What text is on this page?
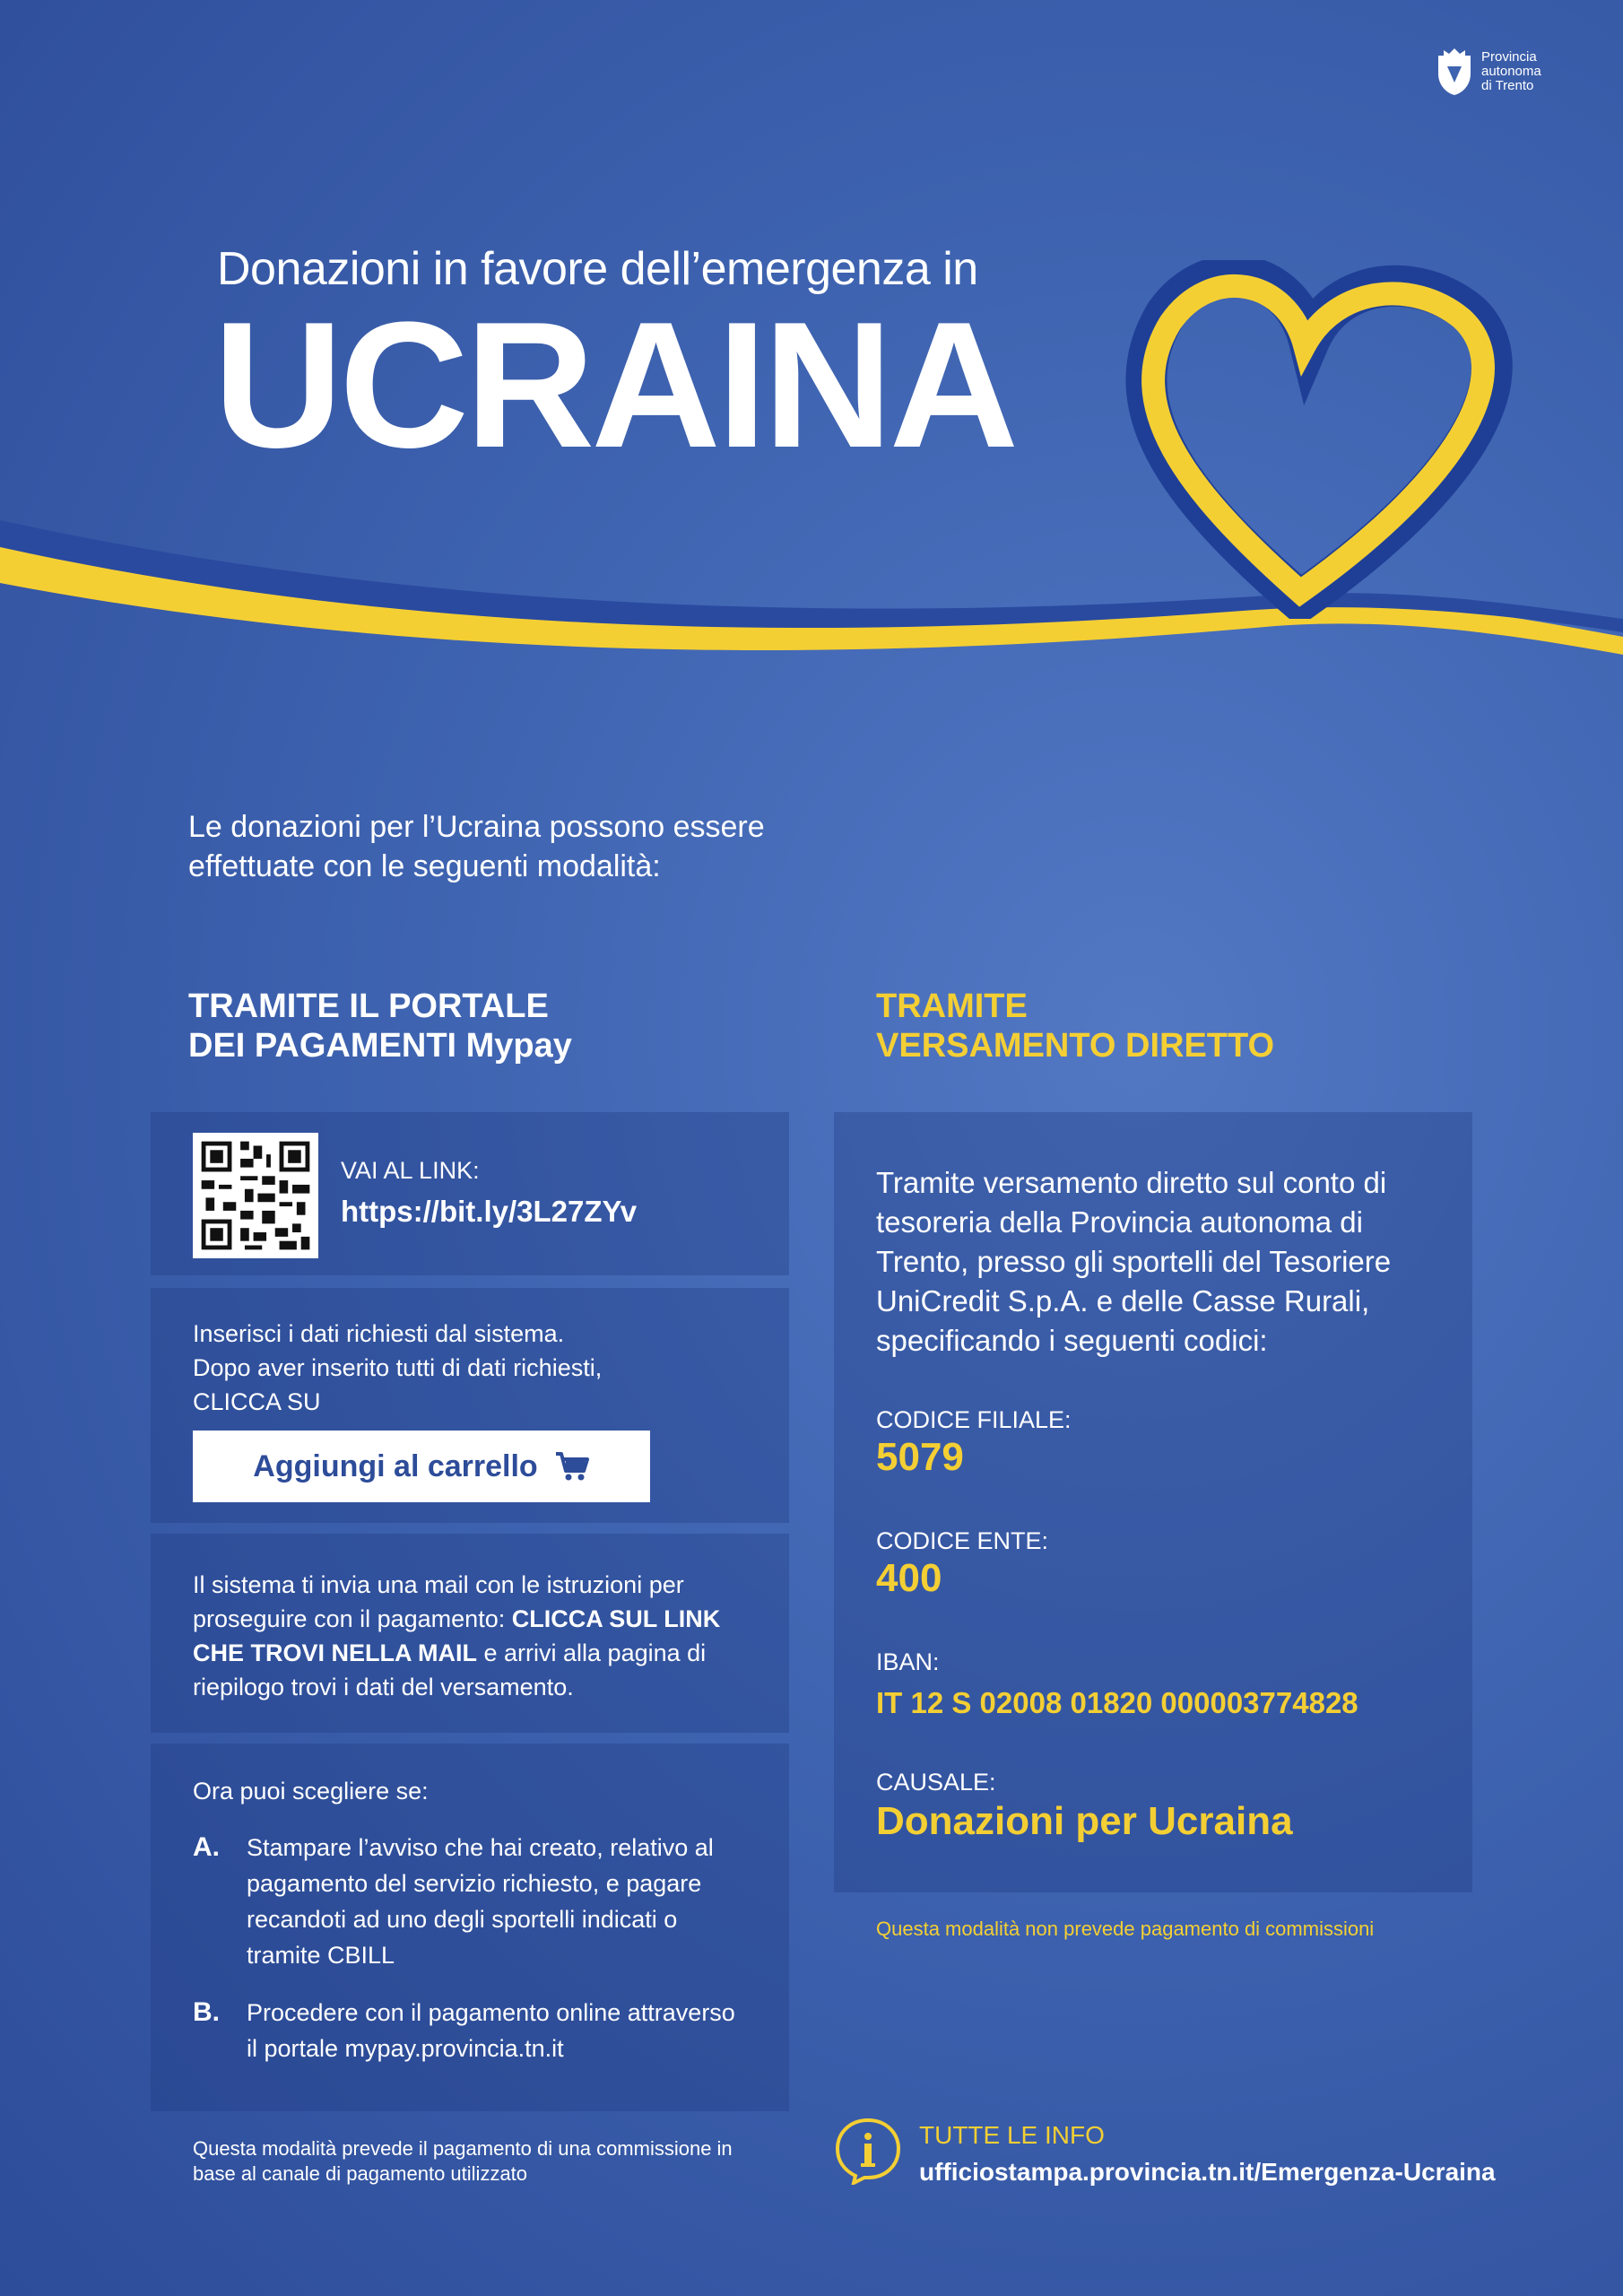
Provincia
autonoma
di Trento
Donazioni in favore dell’emergenza in
UCRAINA
Le donazioni per l’Ucraina possono essere effettuate con le seguenti modalità:
TRAMITE IL PORTALE
DEI PAGAMENTI Mypay
TRAMITE
VERSAMENTO DIRETTO
VAI AL LINK:
https://bit.ly/3L27ZYv
Inserisci i dati richiesti dal sistema.
Dopo aver inserito tutti di dati richiesti,
CLICCA SU
Aggiungi al carrello
Il sistema ti invia una mail con le istruzioni per proseguire con il pagamento: CLICCA SUL LINK CHE TROVI NELLA MAIL e arrivi alla pagina di riepilogo trovi i dati del versamento.
Ora puoi scegliere se:
A. Stampare l’avviso che hai creato, relativo al pagamento del servizio richiesto, e pagare recandoti ad uno degli sportelli indicati o tramite CBILL
B. Procedere con il pagamento online attraverso il portale mypay.provincia.tn.it
Questa modalità prevede il pagamento di una commissione in base al canale di pagamento utilizzato
Tramite versamento diretto sul conto di tesoreria della Provincia autonoma di Trento, presso gli sportelli del Tesoriere UniCredit S.p.A. e delle Casse Rurali, specificando i seguenti codici:
CODICE FILIALE:
5079
CODICE ENTE:
400
IBAN:
IT 12 S 02008 01820 000003774828
CAUSALE:
Donazioni per Ucraina
Questa modalità non prevede pagamento di commissioni
TUTTE LE INFO
ufficiostampa.provincia.tn.it/Emergenza-Ucraina
